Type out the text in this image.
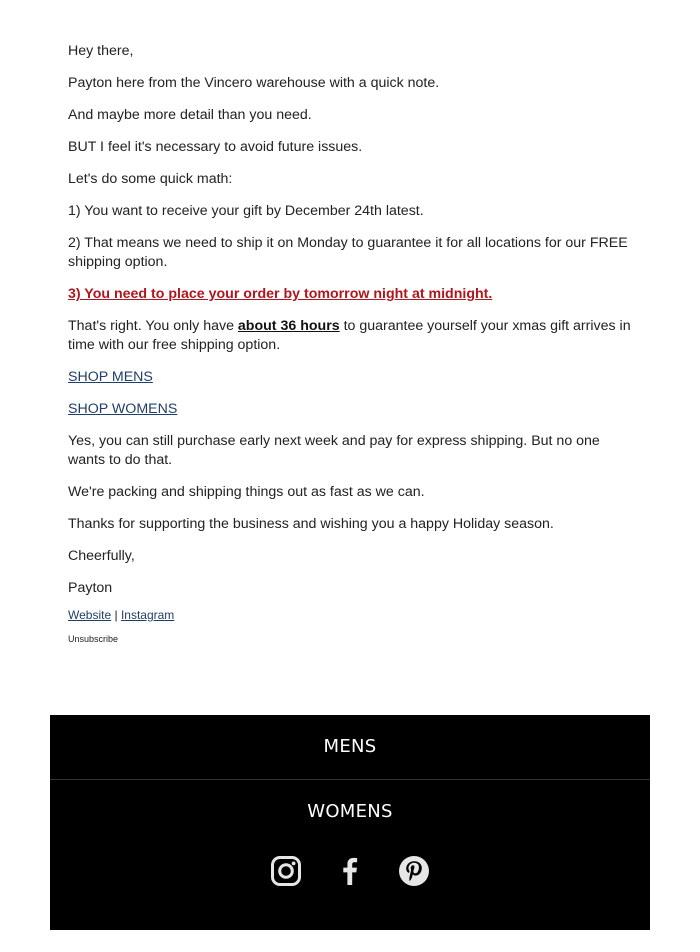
Hey there,

Payton here from the Vincero warehouse with a quick note.

And maybe more detail than you need.

BUT I feel it's necessary to avoid future issues.

Let's do some quick math:

1) You want to receive your gift by December 24th latest.

2) That means we need to ship it on Monday to guarantee it for all locations for our FREE shipping option.

3) You need to place your order by tomorrow night at midnight.

That's right. You only have about 36 hours to guarantee yourself your xmas gift arrives in time with our free shipping option.

SHOP MENS

SHOP WOMENS

Yes, you can still purchase early next week and pay for express shipping. But no one wants to do that.

We're packing and shipping things out as fast as we can.

Thanks for supporting the business and wishing you a happy Holiday season.

Cheerfully,

Payton

Website | Instagram
Unsubscribe
MENS
WOMENS
